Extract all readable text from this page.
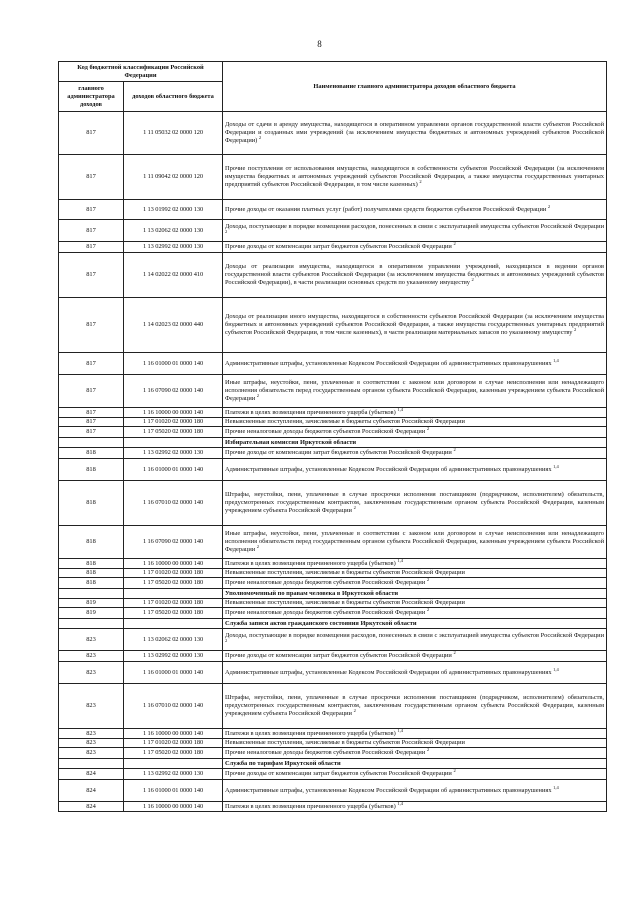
8
Код бюджетной классификации Российской Федерации		Наименование главного администратора доходов областного бюджета
главного администратора доходов	доходов областного бюджета	
817	1 11 05032 02 0000 120	Доходы от сдачи в аренду имущества, находящегося в оперативном управлении органов государственной власти субъектов Российской Федерации и созданных ими учреждений (за исключением имущества бюджетных и автономных учреждений субъектов Российской Федерации) $^2$
817	1 11 09042 02 0000 120	Прочие поступления от использования имущества, находящегося в собственности субъектов Российской Федерации (за исключением имущества бюджетных и автономных учреждений субъектов Российской Федерации, а также имущества государственных унитарных предприятий субъектов Российской Федерации, в том числе казенных) $^2$
817	1 13 01992 02 0000 130	Прочие доходы от оказания платных услуг (работ) получателями средств бюджетов субъектов Российской Федерации $^2$
817	1 13 02062 02 0000 130	Доходы, поступающие в порядке возмещения расходов, понесенных в связи с эксплуатацией имущества субъектов Российской Федерации $^2$
817	1 13 02992 02 0000 130	Прочие доходы от компенсации затрат бюджетов субъектов Российской Федерации $^2$
817	1 14 02022 02 0000 410	Доходы от реализации имущества, находящегося в оперативном управлении учреждений, находящихся в ведении органов государственной власти субъектов Российской Федерации (за исключением имущества бюджетных и автономных учреждений субъектов Российской Федерации), в части реализации основных средств по указанному имуществу $^2$
817	1 14 02023 02 0000 440	Доходы от реализации иного имущества, находящегося в собственности субъектов Российской Федерации (за исключением имущества бюджетных и автономных учреждений субъектов Российской Федерации, а также имущества государственных унитарных предприятий субъектов Российской Федерации, в том числе казенных), в части реализации материальных запасов по указанному имуществу $^2$
817	1 16 01000 01 0000 140	Административные штрафы, установленные Кодексом Российской Федерации об административных правонарушениях $^{1,4}$
817	1 16 07090 02 0000 140	Иные штрафы, неустойки, пени, уплаченные в соответствии с законом или договором в случае неисполнения или ненадлежащего исполнения обязательств перед государственным органом субъекта Российской Федерации, казенным учреждением субъекта Российской Федерации $^2$
817	1 16 10000 00 0000 140	Платежи в целях возмещения причиненного ущерба (убытков) $^{1,4}$
817	1 17 01020 02 0000 180	Невыясненные поступления, зачисляемые в бюджеты субъектов Российской Федерации
817	1 17 05020 02 0000 180	Прочие неналоговые доходы бюджетов субъектов Российской Федерации $^2$
		Избирательная комиссия Иркутской области
818	1 13 02992 02 0000 130	Прочие доходы от компенсации затрат бюджетов субъектов Российской Федерации $^2$
818	1 16 01000 01 0000 140	Административные штрафы, установленные Кодексом Российской Федерации об административных правонарушениях $^{1,4}$
818	1 16 07010 02 0000 140	Штрафы, неустойки, пени, уплаченные в случае просрочки исполнения поставщиком (подрядчиком, исполнителем) обязательств, предусмотренных государственным контрактом, заключенным государственным органом субъекта Российской Федерации, казенным учреждением субъекта Российской Федерации $^2$
818	1 16 07090 02 0000 140	Иные штрафы, неустойки, пени, уплаченные в соответствии с законом или договором в случае неисполнения или ненадлежащего исполнения обязательств перед государственным органом субъекта Российской Федерации, казенным учреждением субъекта Российской Федерации $^2$
818	1 16 10000 00 0000 140	Платежи в целях возмещения причиненного ущерба (убытков) $^{1,4}$
818	1 17 01020 02 0000 180	Невыясненные поступления, зачисляемые в бюджеты субъектов Российской Федерации
818	1 17 05020 02 0000 180	Прочие неналоговые доходы бюджетов субъектов Российской Федерации $^2$
		Уполномоченный по правам человека в Иркутской области
819	1 17 01020 02 0000 180	Невыясненные поступления, зачисляемые в бюджеты субъектов Российской Федерации
819	1 17 05020 02 0000 180	Прочие неналоговые доходы бюджетов субъектов Российской Федерации $^2$
		Служба записи актов гражданского состояния Иркутской области
823	1 13 02062 02 0000 130	Доходы, поступающие в порядке возмещения расходов, понесенных в связи с эксплуатацией имущества субъектов Российской Федерации $^2$
823	1 13 02992 02 0000 130	Прочие доходы от компенсации затрат бюджетов субъектов Российской Федерации $^2$
823	1 16 01000 01 0000 140	Административные штрафы, установленные Кодексом Российской Федерации об административных правонарушениях $^{1,4}$
823	1 16 07010 02 0000 140	Штрафы, неустойки, пени, уплаченные в случае просрочки исполнения поставщиком (подрядчиком, исполнителем) обязательств, предусмотренных государственным контрактом, заключенным государственным органом субъекта Российской Федерации, казенным учреждением субъекта Российской Федерации $^2$
823	1 16 10000 00 0000 140	Платежи в целях возмещения причиненного ущерба (убытков) $^{1,4}$
823	1 17 01020 02 0000 180	Невыясненные поступления, зачисляемые в бюджеты субъектов Российской Федерации
823	1 17 05020 02 0000 180	Прочие неналоговые доходы бюджетов субъектов Российской Федерации $^2$
		Служба по тарифам Иркутской области
824	1 13 02992 02 0000 130	Прочие доходы от компенсации затрат бюджетов субъектов Российской Федерации $^2$
824	1 16 01000 01 0000 140	Административные штрафы, установленные Кодексом Российской Федерации об административных правонарушениях $^{1,4}$
824	1 16 10000 00 0000 140	Платежи в целях возмещения причиненного ущерба (убытков) $^{1,4}$
